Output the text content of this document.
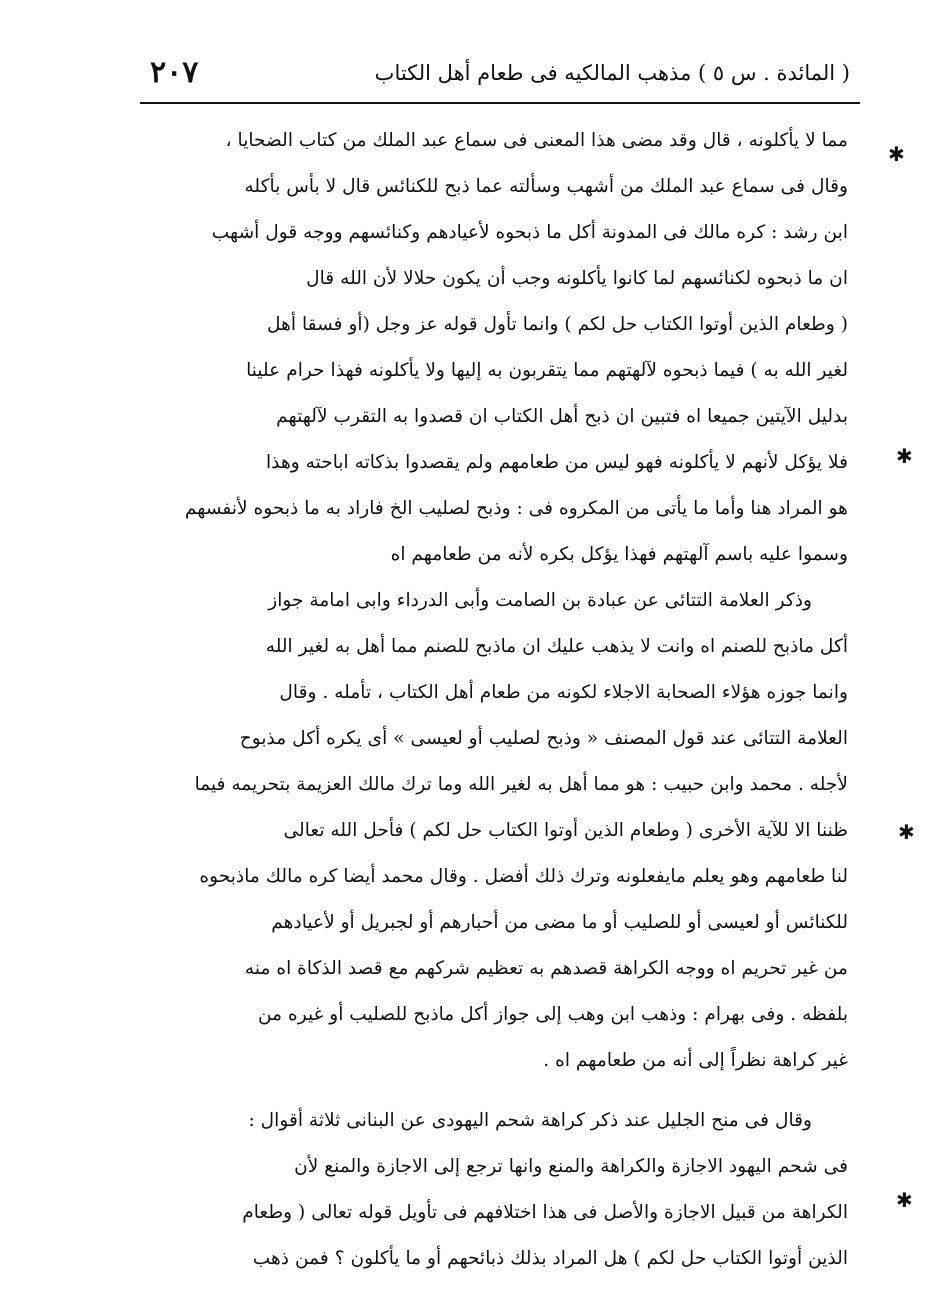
( المائدة . س ٥ ) مذهب المالكيه فى طعام أهل الكتاب
٢٠٧
مما لا يأكلونه ، قال وقد مضى هذا المعنى فى سماع عبد الملك من كتاب الضحايا ،
وقال فى سماع عبد الملك من أشهب وسألته عما ذبح للكنائس قال لا بأس بأكله
ابن رشد : كره مالك فى المدونة أكل ما ذبحوه لأعيادهم وكنائسهم ووجه قول أشهب
ان ما ذبحوه لكنائسهم لما كانوا يأكلونه وجب أن يكون حلالا لأن الله قال
( وطعام الذين أوتوا الكتاب حل لكم ) وانما تأول قوله عز وجل (أو فسقا أهل
لغير الله به ) فيما ذبحوه لآلهتهم مما يتقربون به إليها ولا يأكلونه فهذا حرام علينا
بدليل الآيتين جميعا اه فتبين ان ذبح أهل الكتاب ان قصدوا به التقرب لآلهتهم
فلا يؤكل لأنهم لا يأكلونه فهو ليس من طعامهم ولم يقصدوا بذكاته اباحته وهذا
هو المراد هنا وأما ما يأتى من المكروه فى : وذبح لصليب الخ فاراد به ما ذبحوه لأنفسهم
وسموا عليه باسم آلهتهم فهذا يؤكل بكره لأنه من طعامهم اه
وذكر العلامة التتائى عن عبادة بن الصامت وأبى الدرداء وابى امامة جواز
أكل ماذبح للصنم اه وانت لا يذهب عليك ان ماذبح للصنم مما أهل به لغير الله
وانما جوزه هؤلاء الصحابة الاجلاء لكونه من طعام أهل الكتاب ، تأمله . وقال
العلامة التتائى عند قول المصنف « وذبح لصليب أو لعيسى » أى يكره أكل مذبوح
لأجله . محمد وابن حبيب : هو مما أهل به لغير الله وما ترك مالك العزيمة بتحريمه فيما
ظننا الا للآية الأخرى ( وطعام الذين أوتوا الكتاب حل لكم ) فأحل الله تعالى
لنا طعامهم وهو يعلم مايفعلونه وترك ذلك أفضل . وقال محمد أيضا كره مالك ماذبحوه
للكنائس أو لعيسى أو للصليب أو ما مضى من أحبارهم أو لجبريل أو لأعيادهم
من غير تحريم اه ووجه الكراهة قصدهم به تعظيم شركهم مع قصد الذكاة اه منه
بلفظه . وفى بهرام : وذهب ابن وهب إلى جواز أكل ماذبح للصليب أو غيره من
غير كراهة نظراً إلى أنه من طعامهم اه .
وقال فى منح الجليل عند ذكر كراهة شحم اليهودى عن البنانى ثلاثة أقوال :
فى شحم اليهود الاجازة والكراهة والمنع وانها ترجع إلى الاجازة والمنع لأن
الكراهة من قبيل الاجازة والأصل فى هذا اختلافهم فى تأويل قوله تعالى ( وطعام
الذين أوتوا الكتاب حل لكم ) هل المراد بذلك ذبائحهم أو ما يأكلون ؟ فمن ذهب
✱
✱
✱
✱
